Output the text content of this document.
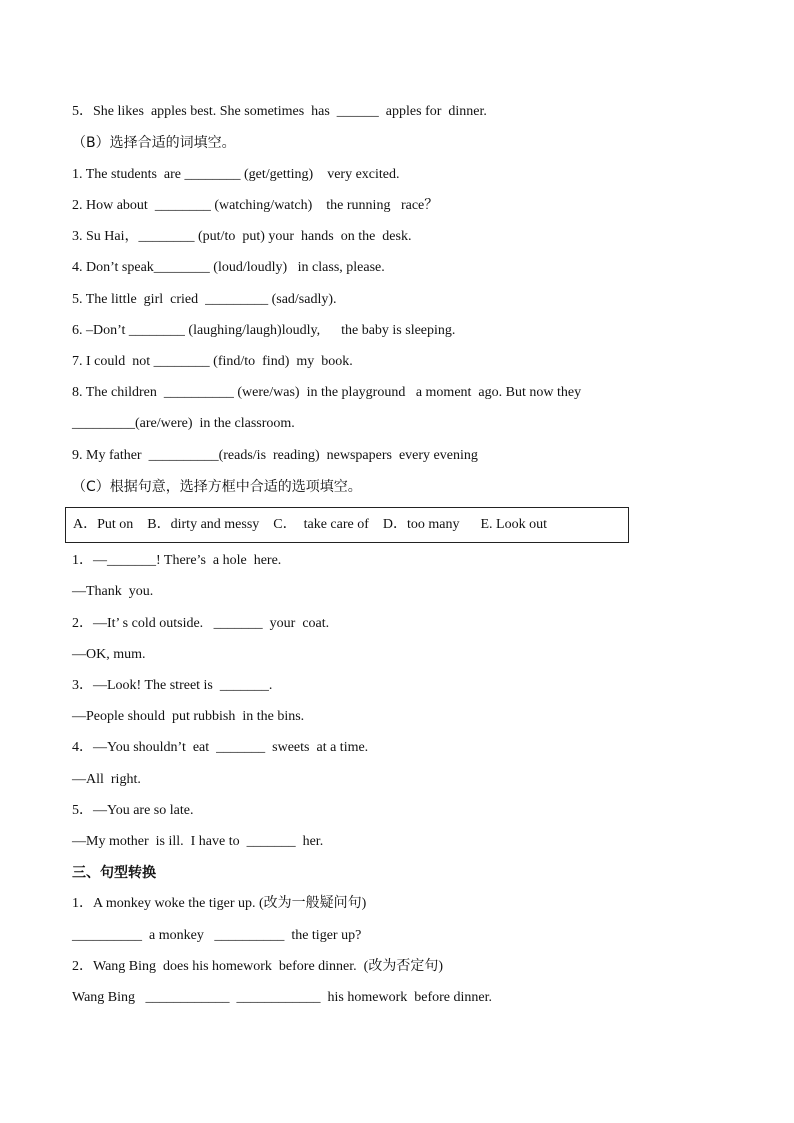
5．She likes  apples best. She sometimes  has  ______  apples for  dinner.
（B）选择合适的词填空。
1. The students  are ________ (get/getting)    very excited.
2. How about  ________ (watching/watch)    the running   race？
3. Su Hai，________ (put/to  put) your  hands  on the  desk.
4. Don’t speak________ (loud/loudly)   in class, please.
5. The little  girl  cried  _________ (sad/sadly).
6. –Don’t ________ (laughing/laugh)loudly,      the baby is sleeping.
7. I could  not ________ (find/to  find)  my  book.
8. The children  __________ (were/was)  in the playground   a moment  ago. But now they
_________(are/were)  in the classroom.
9. My father  __________(reads/is  reading)  newspapers  every evening
（C）根据句意，选择方框中合适的选项填空。
A．Put on    B．dirty and messy    C．  take care of    D．too many      E. Look out
1．—_______! There’s  a hole  here.
—Thank  you.
2．—It’ s cold outside.   _______  your  coat.
—OK, mum.
3．—Look! The street is  _______.
—People should  put rubbish  in the bins.
4．—You shouldn’t  eat  _______  sweets  at a time.
—All  right.
5．—You are so late.
—My mother  is ill.  I have to  _______  her.
三、句型转换
1．A monkey woke the tiger up. (改为一般疑问句)
__________  a monkey   __________  the tiger up?
2．Wang Bing  does his homework  before dinner.  (改为否定句)
Wang Bing   ____________  ____________  his homework  before dinner.
